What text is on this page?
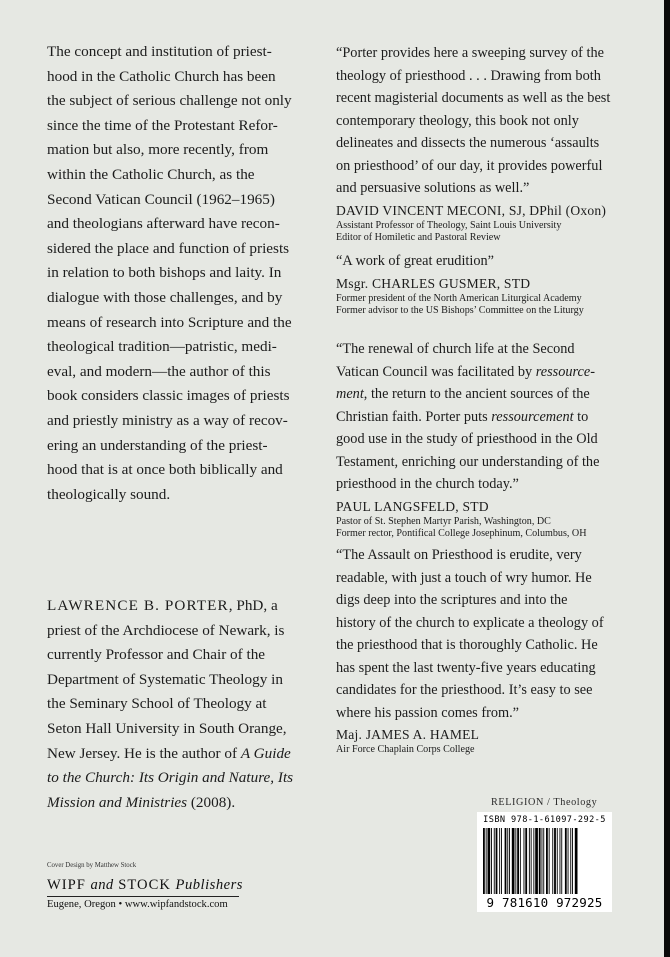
The concept and institution of priest-
hood in the Catholic Church has been
the subject of serious challenge not only
since the time of the Protestant Refor-
mation but also, more recently, from
within the Catholic Church, as the
Second Vatican Council (1962–1965)
and theologians afterward have recon-
sidered the place and function of priests
in relation to both bishops and laity. In
dialogue with those challenges, and by
means of research into Scripture and the
theological tradition—patristic, medi-
eval, and modern—the author of this
book considers classic images of priests
and priestly ministry as a way of recov-
ering an understanding of the priest-
hood that is at once both biblically and
theologically sound.

LAWRENCE B. PORTER, PhD, a
priest of the Archdiocese of Newark, is
currently Professor and Chair of the
Department of Systematic Theology in
the Seminary School of Theology at
Seton Hall University in South Orange,
New Jersey. He is the author of A Guide
to the Church: Its Origin and Nature, Its
Mission and Ministries (2008).

“Porter provides here a sweeping survey of the
theology of priesthood . . . Drawing from both
recent magisterial documents as well as the best
contemporary theology, this book not only
delineates and dissects the numerous ‘assaults
on priesthood’ of our day, it provides powerful
and persuasive solutions as well.”

DAVID VINCENT MECONI, SJ, DPhil (Oxon)
Assistant Professor of Theology, Saint Louis University
Editor of Homiletic and Pastoral Review

“A work of great erudition”

Msgr. CHARLES GUSMER, STD
Former president of the North American Liturgical Academy
Former advisor to the US Bishops’ Committee on the Liturgy

“The renewal of church life at the Second
Vatican Council was facilitated by ressource-
ment, the return to the ancient sources of the
Christian faith. Porter puts ressourcement to
good use in the study of priesthood in the Old
Testament, enriching our understanding of the
priesthood in the church today.”

PAUL LANGSFELD, STD
Pastor of St. Stephen Martyr Parish, Washington, DC
Former rector, Pontifical College Josephinum, Columbus, OH

“The Assault on Priesthood is erudite, very
readable, with just a touch of wry humor. He
digs deep into the scriptures and into the
history of the church to explicate a theology of
the priesthood that is thoroughly Catholic. He
has spent the last twenty-five years educating
candidates for the priesthood. It’s easy to see
where his passion comes from.”

Maj. JAMES A. HAMEL
Air Force Chaplain Corps College
RELIGION / Theology
ISBN 978-1-61097-292-5
9 781610 972925
Cover Design by Matthew Stock
WIPF and STOCK Publishers
Eugene, Oregon • www.wipfandstock.com
